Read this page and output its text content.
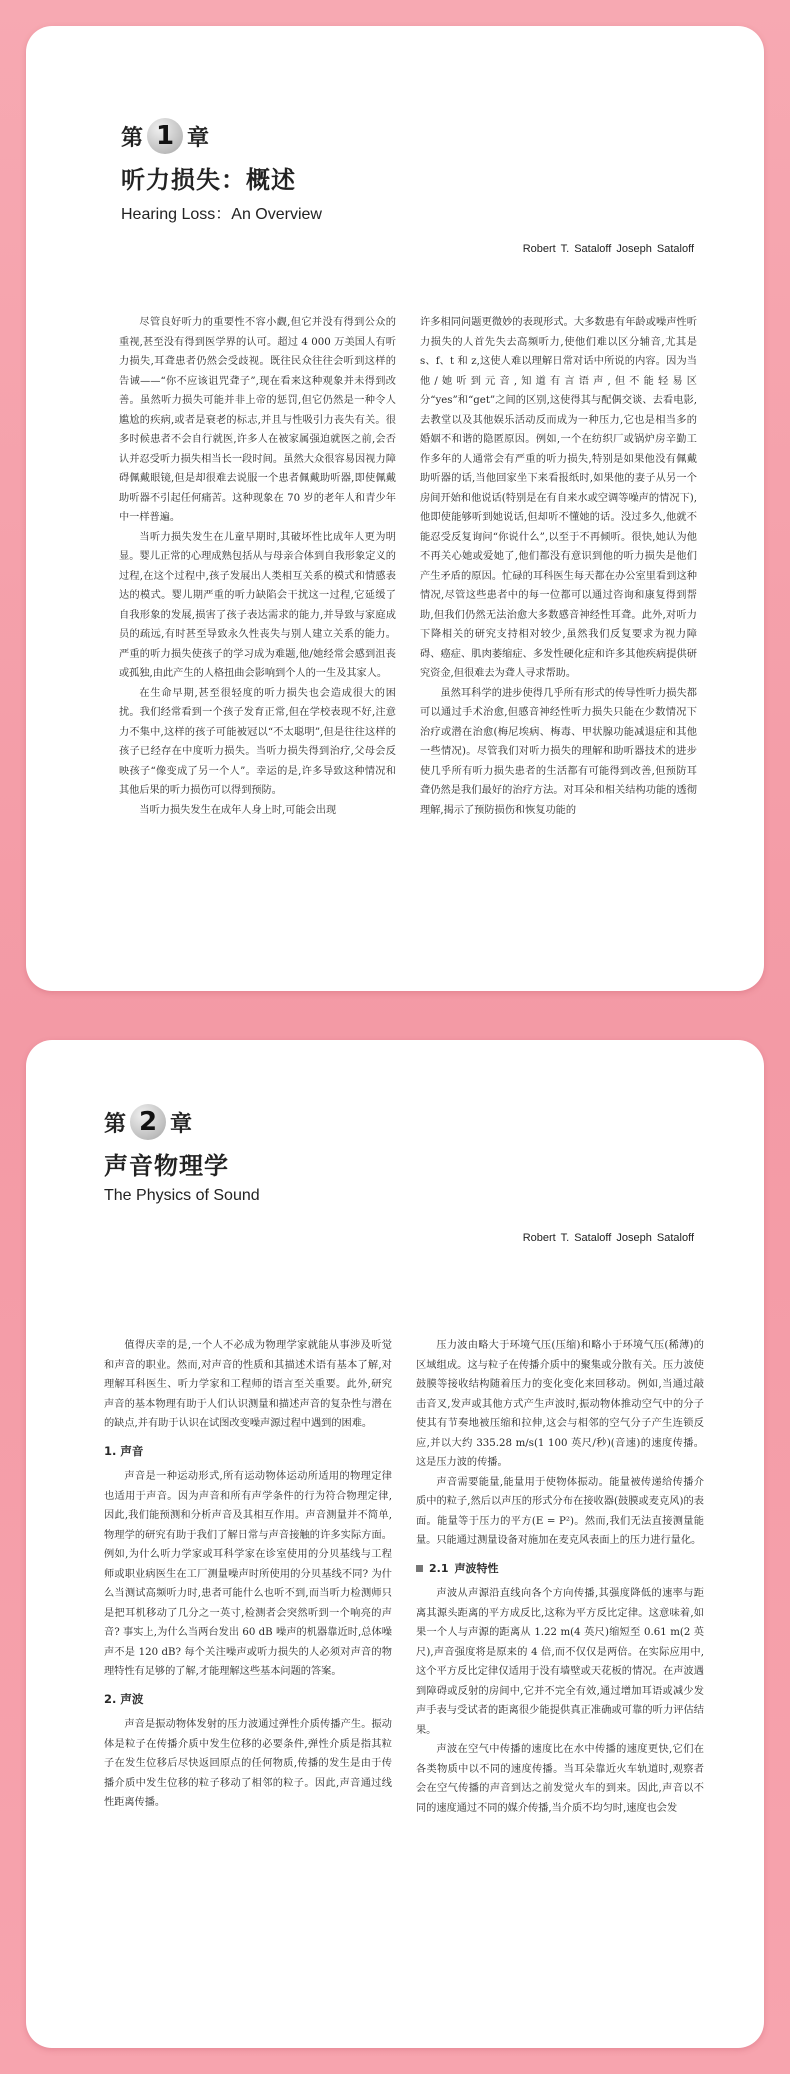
第 1 章
听力损失：概述
Hearing Loss：An Overview
Robert T. Sataloff Joseph Sataloff

尽管良好听力的重要性不容小觑,但它并没有得到公众的重视,甚至没有得到医学界的认可。超过 4 000 万美国人有听力损失,耳聋患者仍然会受歧视。既往民众往往会听到这样的告诫——“你不应该诅咒聋子”,现在看来这种观象并未得到改善。虽然听力损失可能并非上帝的惩罚,但它仍然是一种令人尴尬的疾病,或者是衰老的标志,并且与性吸引力丧失有关。很多时候患者不会自行就医,许多人在被家属强迫就医之前,会否认并忍受听力损失相当长一段时间。虽然大众很容易因视力障碍佩戴眼镜,但是却很难去说服一个患者佩戴助听器,即使佩戴助听器不引起任何痛苦。这种现象在 70 岁的老年人和青少年中一样普遍。

当听力损失发生在儿童早期时,其破坏性比成年人更为明显。婴儿正常的心理成熟包括从与母亲合体到自我形象定义的过程,在这个过程中,孩子发展出人类相互关系的模式和情感表达的模式。婴儿期严重的听力缺陷会干扰这一过程,它延缓了自我形象的发展,损害了孩子表达需求的能力,并导致与家庭成员的疏远,有时甚至导致永久性丧失与别人建立关系的能力。严重的听力损失使孩子的学习成为难题,他/她经常会感到沮丧或孤独,由此产生的人格扭曲会影响到个人的一生及其家人。

在生命早期,甚至很轻度的听力损失也会造成很大的困扰。我们经常看到一个孩子发育正常,但在学校表现不好,注意力不集中,这样的孩子可能被冠以“不太聪明”,但是往往这样的孩子已经存在中度听力损失。当听力损失得到治疗,父母会反映孩子“像变成了另一个人”。幸运的是,许多导致这种情况和其他后果的听力损伤可以得到预防。

当听力损失发生在成年人身上时,可能会出现

许多相同问题更微妙的表现形式。大多数患有年龄或噪声性听力损失的人首先失去高频听力,使他们难以区分辅音,尤其是 s、f、t 和 z,这使人难以理解日常对话中所说的内容。因为当他/她听到元音,知道有言语声,但不能轻易区分“yes”和“get”之间的区别,这使得其与配偶交谈、去看电影,去教堂以及其他娱乐活动反而成为一种压力,它也是相当多的婚姻不和谐的隐匿原因。例如,一个在纺织厂或锅炉房辛勤工作多年的人通常会有严重的听力损失,特别是如果他没有佩戴助听器的话,当他回家坐下来看报纸时,如果他的妻子从另一个房间开始和他说话(特别是在有自来水或空调等噪声的情况下),他即使能够听到她说话,但却听不懂她的话。没过多久,他就不能忍受反复询问“你说什么”,以至于不再倾听。很快,她认为他不再关心她或爱她了,他们都没有意识到他的听力损失是他们产生矛盾的原因。忙碌的耳科医生每天都在办公室里看到这种情况,尽管这些患者中的每一位都可以通过咨询和康复得到帮助,但我们仍然无法治愈大多数感音神经性耳聋。此外,对听力下降相关的研究支持相对较少,虽然我们反复要求为视力障碍、癌症、肌肉萎缩症、多发性硬化症和许多其他疾病提供研究资金,但很难去为聋人寻求帮助。

虽然耳科学的进步使得几乎所有形式的传导性听力损失都可以通过手术治愈,但感音神经性听力损失只能在少数情况下治疗或潜在治愈(梅尼埃病、梅毒、甲状腺功能减退症和其他一些情况)。尽管我们对听力损失的理解和助听器技术的进步使几乎所有听力损失患者的生活都有可能得到改善,但预防耳聋仍然是我们最好的治疗方法。对耳朵和相关结构功能的透彻理解,揭示了预防损伤和恢复功能的

第 2 章
声音物理学
The Physics of Sound
Robert T. Sataloff Joseph Sataloff

值得庆幸的是,一个人不必成为物理学家就能从事涉及听觉和声音的职业。然而,对声音的性质和其描述术语有基本了解,对理解耳科医生、听力学家和工程师的语言至关重要。此外,研究声音的基本物理有助于人们认识测量和描述声音的复杂性与潜在的缺点,并有助于认识在试图改变噪声源过程中遇到的困难。

1. 声音

声音是一种运动形式,所有运动物体运动所适用的物理定律也适用于声音。因为声音和所有声学条件的行为符合物理定律,因此,我们能预测和分析声音及其相互作用。声音测量并不简单,物理学的研究有助于我们了解日常与声音接触的许多实际方面。例如,为什么听力学家或耳科学家在诊室使用的分贝基线与工程师或职业病医生在工厂测量噪声时所使用的分贝基线不同? 为什么当测试高频听力时,患者可能什么也听不到,而当听力检测师只是把耳机移动了几分之一英寸,检测者会突然听到一个响亮的声音? 事实上,为什么当两台发出 60 dB 噪声的机器靠近时,总体噪声不是 120 dB? 每个关注噪声或听力损失的人必须对声音的物理特性有足够的了解,才能理解这些基本问题的答案。

2. 声波

声音是振动物体发射的压力波通过弹性介质传播产生。振动体是粒子在传播介质中发生位移的必要条件,弹性介质是指其粒子在发生位移后尽快返回原点的任何物质,传播的发生是由于传播介质中发生位移的粒子移动了相邻的粒子。因此,声音通过线性距离传播。

压力波由略大于环境气压(压缩)和略小于环境气压(稀薄)的区域组成。这与粒子在传播介质中的聚集或分散有关。压力波使鼓膜等接收结构随着压力的变化变化来回移动。例如,当通过敲击音叉,发声或其他方式产生声波时,振动物体推动空气中的分子使其有节奏地被压缩和拉伸,这会与相邻的空气分子产生连锁反应,并以大约 335.28 m/s(1 100 英尺/秒)(音速)的速度传播。这是压力波的传播。

声音需要能量,能量用于使物体振动。能量被传递给传播介质中的粒子,然后以声压的形式分布在接收器(鼓膜或麦克风)的表面。能量等于压力的平方(E = P²)。然而,我们无法直接测量能量。只能通过测量设备对施加在麦克风表面上的压力进行量化。

2.1 声波特性

声波从声源沿直线向各个方向传播,其强度降低的速率与距离其源头距离的平方成反比,这称为平方反比定律。这意味着,如果一个人与声源的距离从 1.22 m(4 英尺)缩短至 0.61 m(2 英尺),声音强度将是原来的 4 倍,而不仅仅是两倍。在实际应用中,这个平方反比定律仅适用于没有墙壁或天花板的情况。在声波遇到障碍或反射的房间中,它并不完全有效,通过增加耳语或减少发声手表与受试者的距离很少能提供真正准确或可靠的听力评估结果。

声波在空气中传播的速度比在水中传播的速度更快,它们在各类物质中以不同的速度传播。当耳朵靠近火车轨道时,观察者会在空气传播的声音到达之前发觉火车的到来。因此,声音以不同的速度通过不同的媒介传播,当介质不均匀时,速度也会发
